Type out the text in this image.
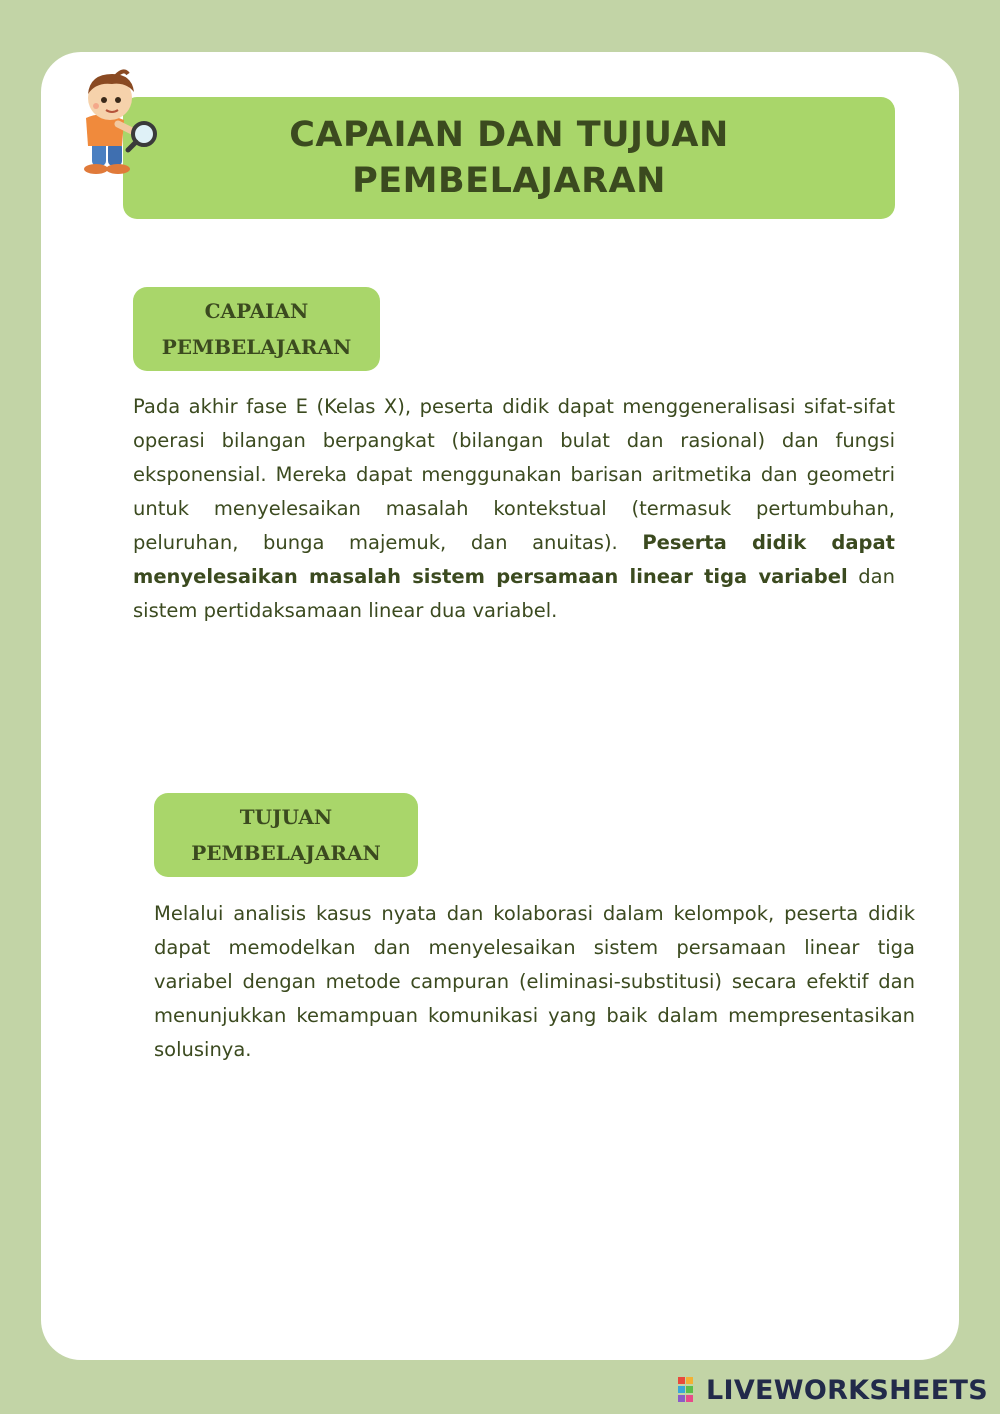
CAPAIAN DAN TUJUAN PEMBELAJARAN
CAPAIAN PEMBELAJARAN

Pada akhir fase E (Kelas X), peserta didik dapat menggeneralisasi sifat-sifat operasi bilangan berpangkat (bilangan bulat dan rasional) dan fungsi eksponensial. Mereka dapat menggunakan barisan aritmetika dan geometri untuk menyelesaikan masalah kontekstual (termasuk pertumbuhan, peluruhan, bunga majemuk, dan anuitas). Peserta didik dapat menyelesaikan masalah sistem persamaan linear tiga variabel dan sistem pertidaksamaan linear dua variabel.

TUJUAN PEMBELAJARAN

Melalui analisis kasus nyata dan kolaborasi dalam kelompok, peserta didik dapat memodelkan dan menyelesaikan sistem persamaan linear tiga variabel dengan metode campuran (eliminasi-substitusi) secara efektif dan menunjukkan kemampuan komunikasi yang baik dalam mempresentasikan solusinya.

LIVEWORKSHEETS
